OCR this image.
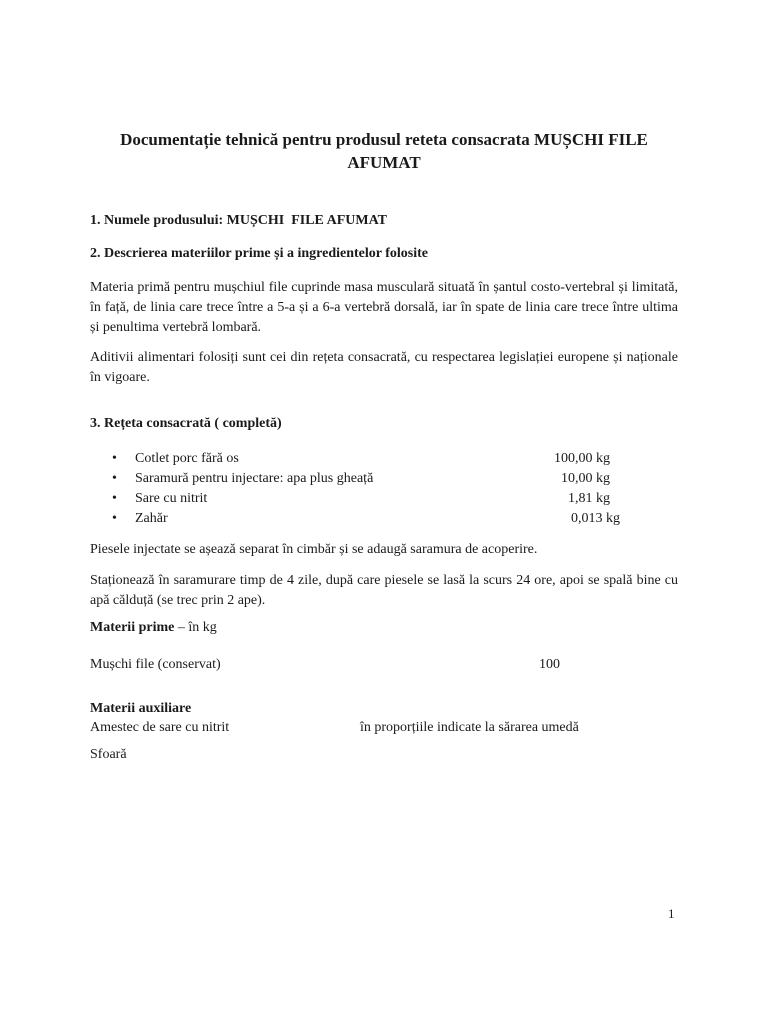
Documentație tehnică pentru produsul reteta consacrata MUȘCHI FILE AFUMAT

1. Numele produsului: MUȘCHI  FILE AFUMAT

2. Descrierea materiilor prime și a ingredientelor folosite

Materia primă pentru mușchiul file cuprinde masa musculară situată în șantul costo-vertebral și limitată, în față, de linia care trece între a 5-a și a 6-a vertebră dorsală, iar în spate de linia care trece între ultima și penultima vertebră lombară.

Aditivii alimentari folosiți sunt cei din rețeta consacrată, cu respectarea legislației europene și naționale în vigoare.

3. Rețeta consacrată ( completă)

• Cotlet porc fără os	100,00 kg
• Saramură pentru injectare: apa plus gheață	10,00 kg
• Sare cu nitrit	1,81 kg
• Zahăr	0,013 kg

Piesele injectate se așează separat în cimbăr și se adaugă saramura de acoperire.

Staționează în saramurare timp de 4 zile, după care piesele se lasă la scurs 24 ore, apoi se spală bine cu apă călduță (se trec prin 2 ape).

Materii prime – în kg

Mușchi file (conservat)	100

Materii auxiliare

Amestec de sare cu nitrit	în proporțiile indicate la sărarea umedă

Sfoară

1
